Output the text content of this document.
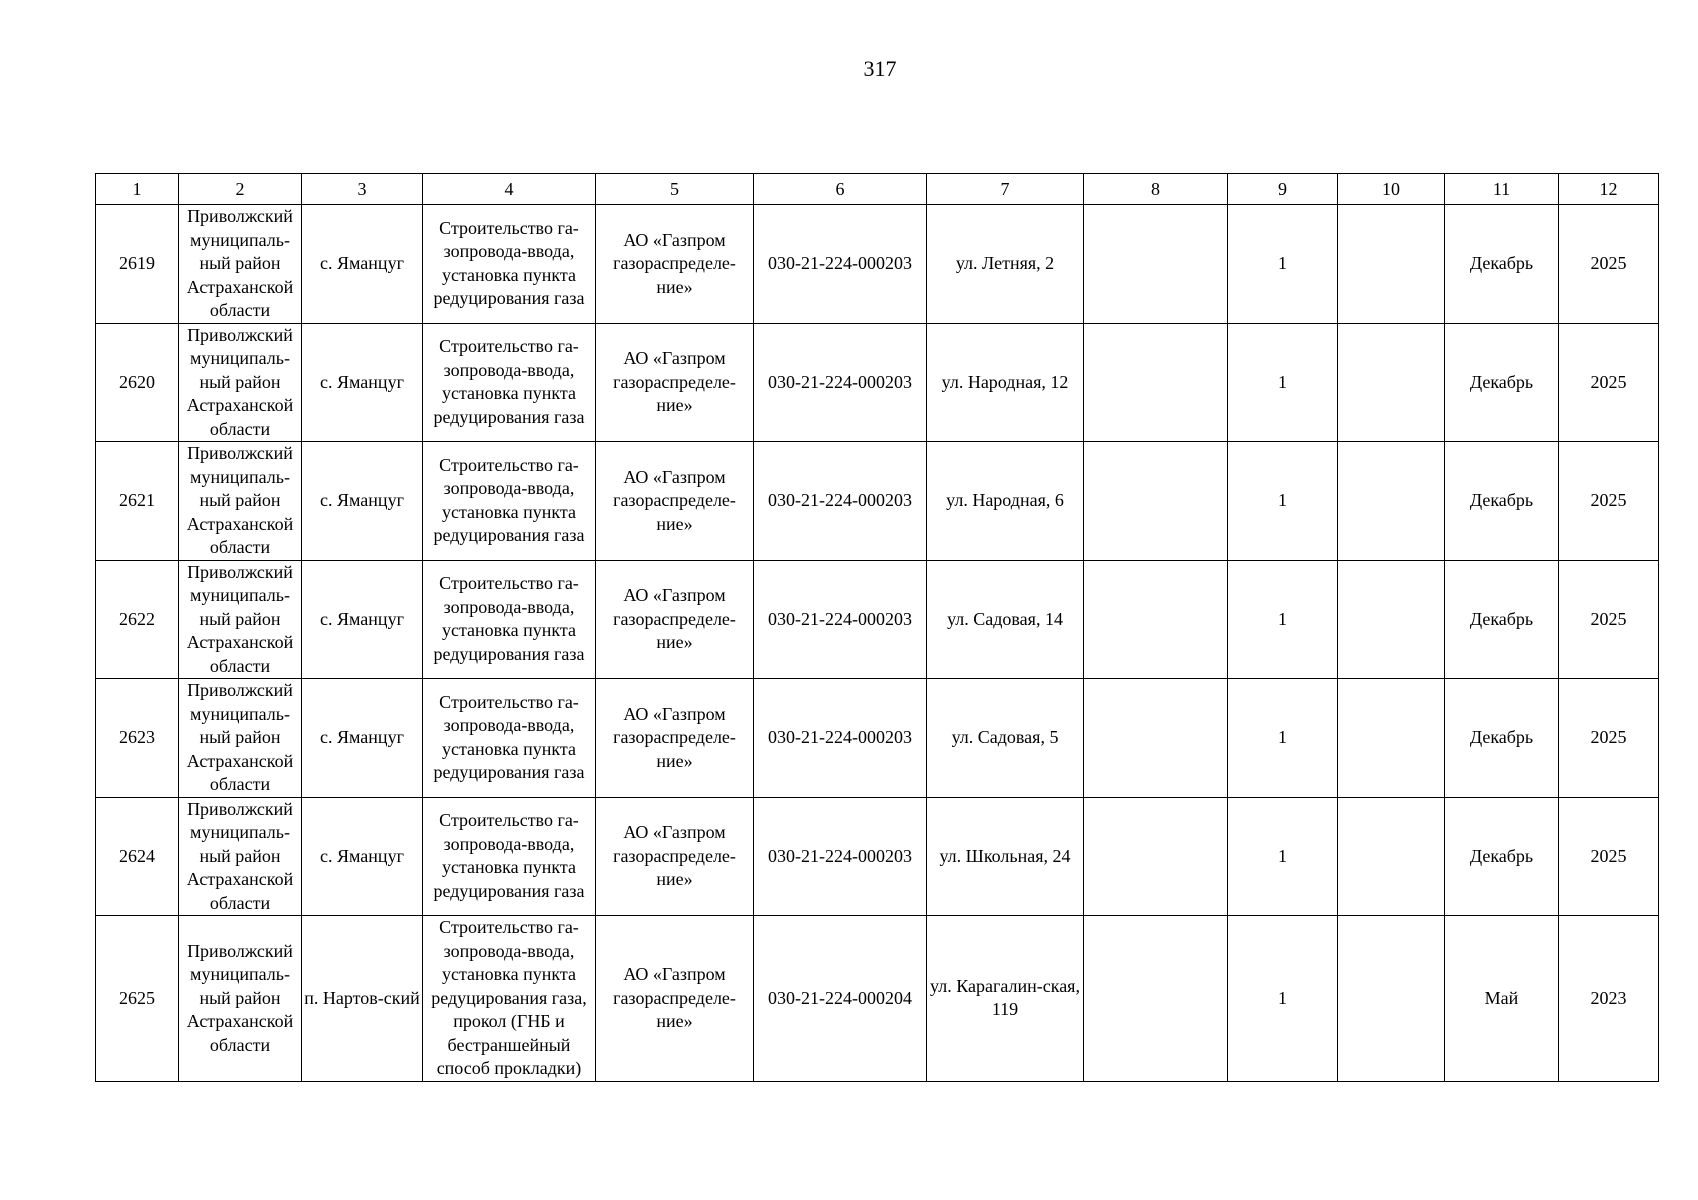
317
1	2	3	4	5	6	7	8	9	10	11	12
2619	Приволжский муниципаль-ный район Астраханской области	с. Яманцуг	Строительство га-зопровода-ввода, установка пункта редуцирования газа	АО «Газпром газораспределе-ние»	030-21-224-000203	ул. Летняя, 2		1		Декабрь	2025
2620	Приволжский муниципаль-ный район Астраханской области	с. Яманцуг	Строительство га-зопровода-ввода, установка пункта редуцирования газа	АО «Газпром газораспределе-ние»	030-21-224-000203	ул. Народная, 12		1		Декабрь	2025
2621	Приволжский муниципаль-ный район Астраханской области	с. Яманцуг	Строительство га-зопровода-ввода, установка пункта редуцирования газа	АО «Газпром газораспределе-ние»	030-21-224-000203	ул. Народная, 6		1		Декабрь	2025
2622	Приволжский муниципаль-ный район Астраханской области	с. Яманцуг	Строительство га-зопровода-ввода, установка пункта редуцирования газа	АО «Газпром газораспределе-ние»	030-21-224-000203	ул. Садовая, 14		1		Декабрь	2025
2623	Приволжский муниципаль-ный район Астраханской области	с. Яманцуг	Строительство га-зопровода-ввода, установка пункта редуцирования газа	АО «Газпром газораспределе-ние»	030-21-224-000203	ул. Садовая, 5		1		Декабрь	2025
2624	Приволжский муниципаль-ный район Астраханской области	с. Яманцуг	Строительство га-зопровода-ввода, установка пункта редуцирования газа	АО «Газпром газораспределе-ние»	030-21-224-000203	ул. Школьная, 24		1		Декабрь	2025
2625	Приволжский муниципаль-ный район Астраханской области	п. Нартов-ский	Строительство га-зопровода-ввода, установка пункта редуцирования газа, прокол (ГНБ и бестраншейный способ прокладки)	АО «Газпром газораспределе-ние»	030-21-224-000204	ул. Карагалин-ская, 119		1		Май	2023
